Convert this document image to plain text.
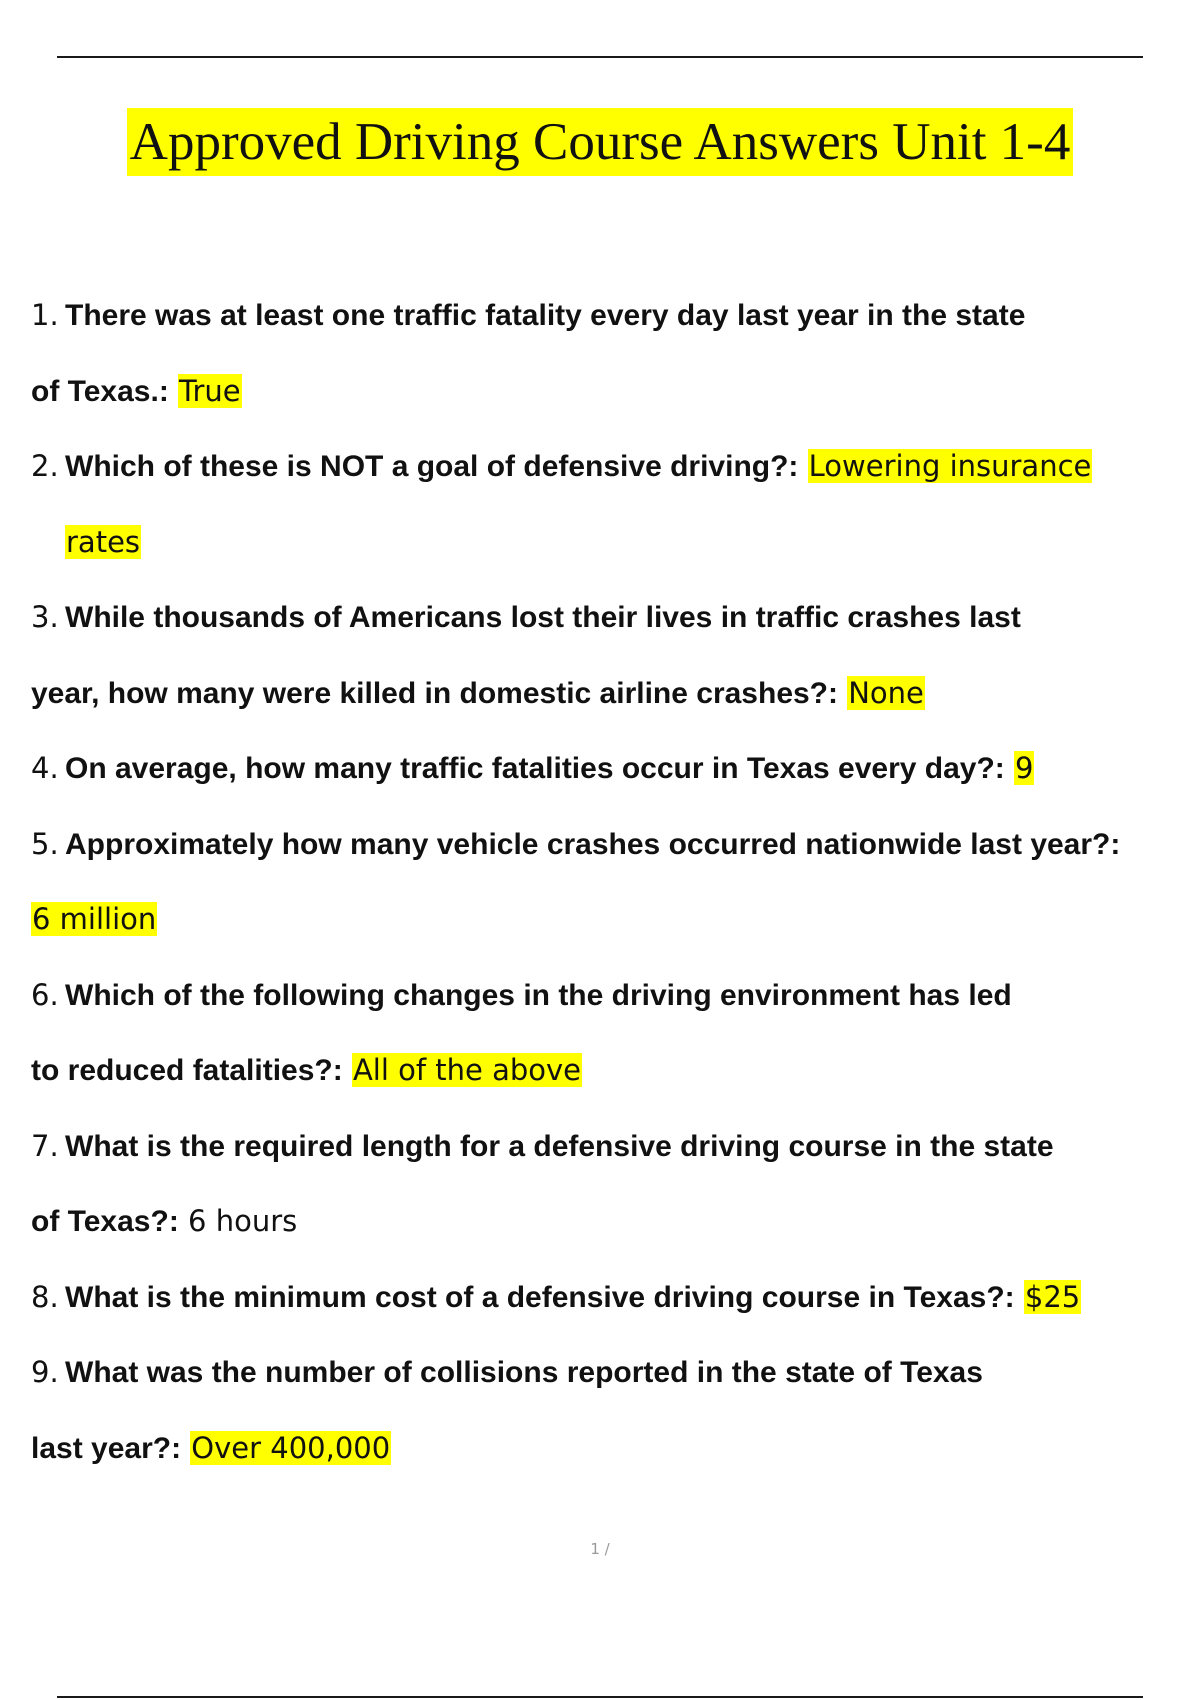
Approved Driving Course Answers Unit 1-4
1. There was at least one traffic fatality every day last year in the state
of Texas.: True
2. Which of these is NOT a goal of defensive driving?: Lowering insurance
rates
3. While thousands of Americans lost their lives in traffic crashes last
year, how many were killed in domestic airline crashes?: None
4. On average, how many traffic fatalities occur in Texas every day?: 9
5. Approximately how many vehicle crashes occurred nationwide last year?:
6 million
6. Which of the following changes in the driving environment has led
to reduced fatalities?: All of the above
7. What is the required length for a defensive driving course in the state
of Texas?: 6 hours
8. What is the minimum cost of a defensive driving course in Texas?: $25
9. What was the number of collisions reported in the state of Texas
last year?: Over 400,000
1 /
